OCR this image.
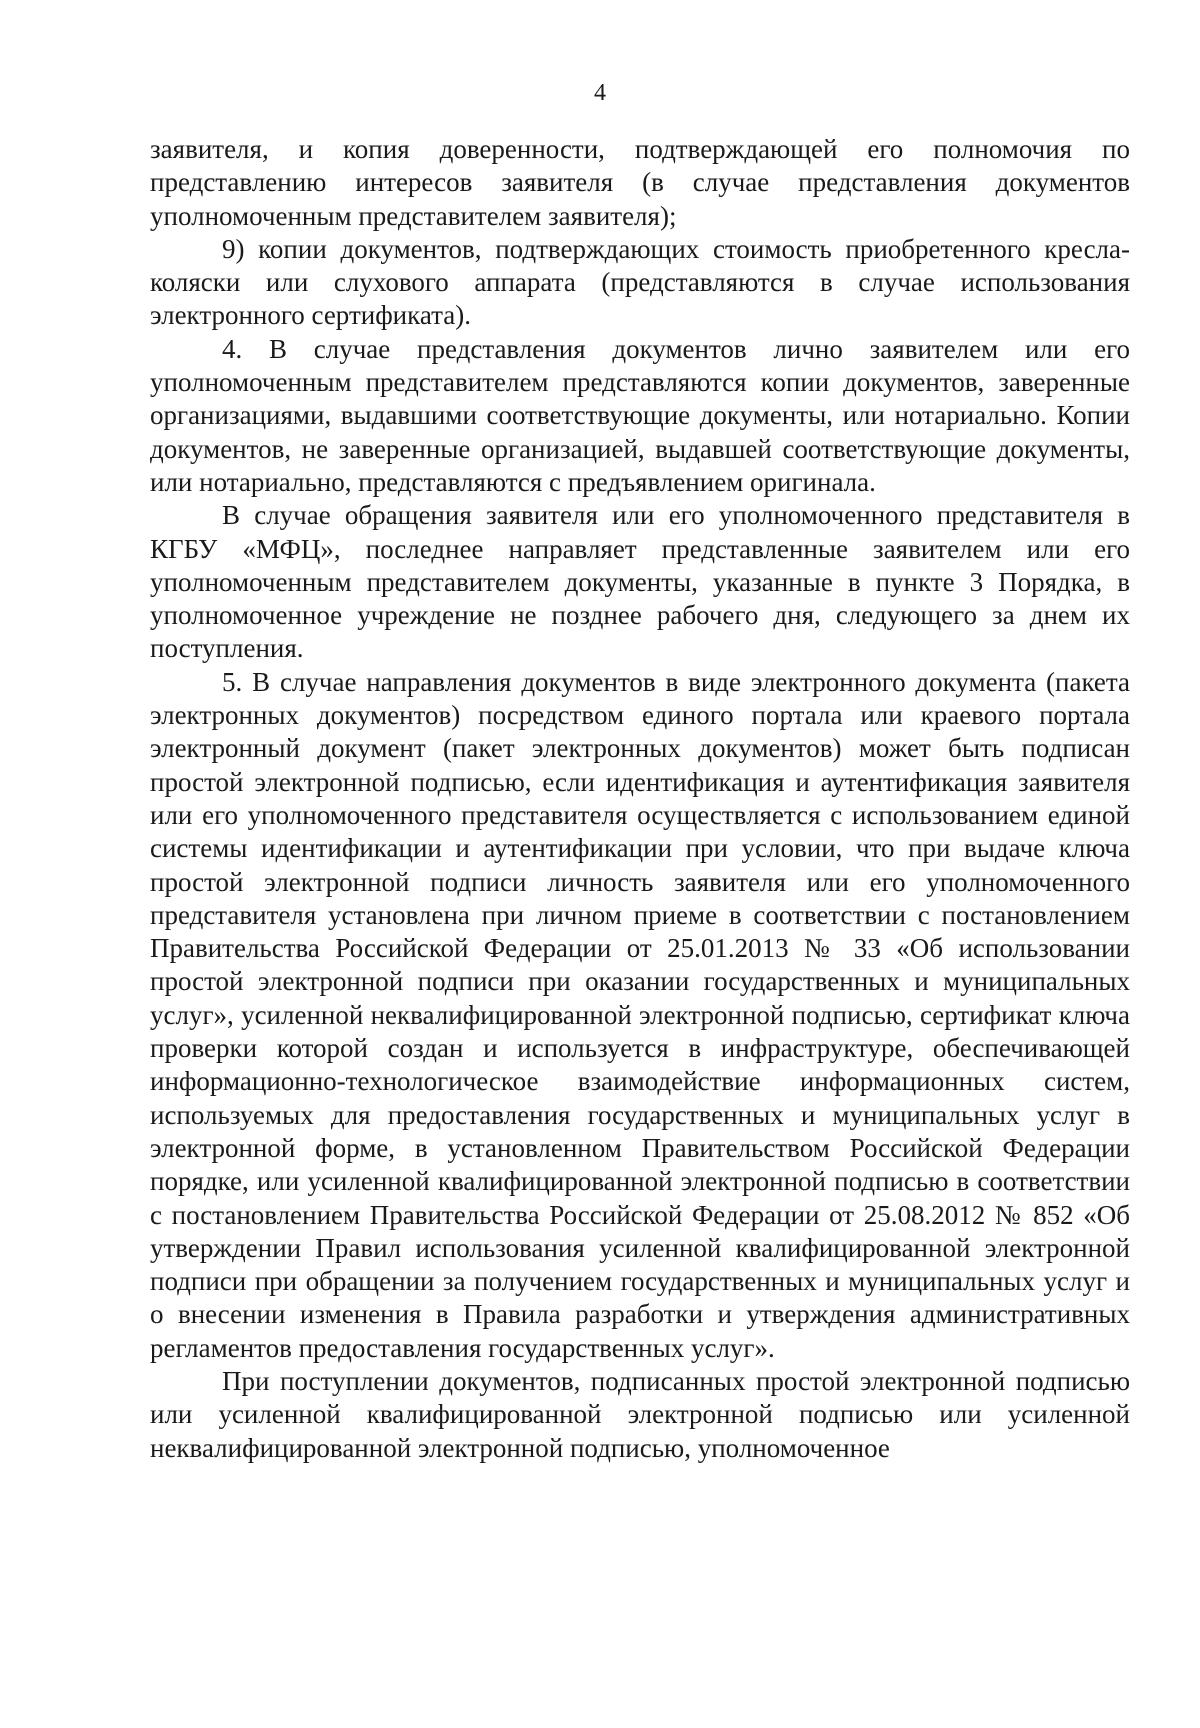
4

заявителя, и копия доверенности, подтверждающей его полномочия по представлению интересов заявителя (в случае представления документов уполномоченным представителем заявителя);

9) копии документов, подтверждающих стоимость приобретенного кресла-коляски или слухового аппарата (представляются в случае использования электронного сертификата).

4. В случае представления документов лично заявителем или его уполномоченным представителем представляются копии документов, заверенные организациями, выдавшими соответствующие документы, или нотариально. Копии документов, не заверенные организацией, выдавшей соответствующие документы, или нотариально, представляются с предъявлением оригинала.

В случае обращения заявителя или его уполномоченного представителя в КГБУ «МФЦ», последнее направляет представленные заявителем или его уполномоченным представителем документы, указанные в пункте 3 Порядка, в уполномоченное учреждение не позднее рабочего дня, следующего за днем их поступления.

5. В случае направления документов в виде электронного документа (пакета электронных документов) посредством единого портала или краевого портала электронный документ (пакет электронных документов) может быть подписан простой электронной подписью, если идентификация и аутентификация заявителя или его уполномоченного представителя осуществляется с использованием единой системы идентификации и аутентификации при условии, что при выдаче ключа простой электронной подписи личность заявителя или его уполномоченного представителя установлена при личном приеме в соответствии с постановлением Правительства Российской Федерации от 25.01.2013 № 33 «Об использовании простой электронной подписи при оказании государственных и муниципальных услуг», усиленной неквалифицированной электронной подписью, сертификат ключа проверки которой создан и используется в инфраструктуре, обеспечивающей информационно-технологическое взаимодействие информационных систем, используемых для предоставления государственных и муниципальных услуг в электронной форме, в установленном Правительством Российской Федерации порядке, или усиленной квалифицированной электронной подписью в соответствии с постановлением Правительства Российской Федерации от 25.08.2012 № 852 «Об утверждении Правил использования усиленной квалифицированной электронной подписи при обращении за получением государственных и муниципальных услуг и о внесении изменения в Правила разработки и утверждения административных регламентов предоставления государственных услуг».

При поступлении документов, подписанных простой электронной подписью или усиленной квалифицированной электронной подписью или усиленной неквалифицированной электронной подписью, уполномоченное
